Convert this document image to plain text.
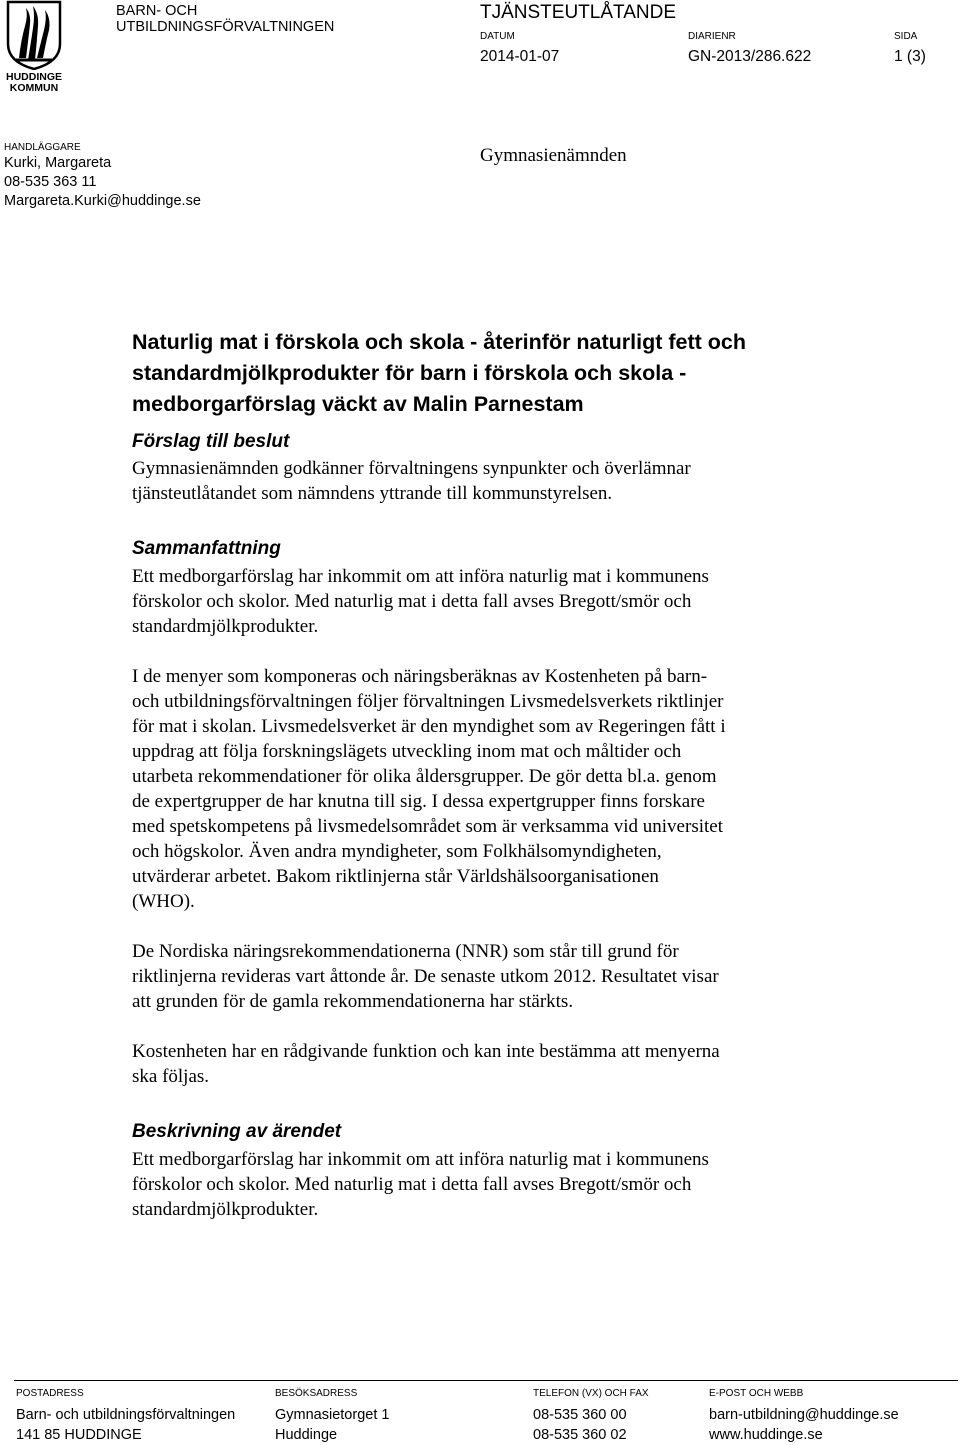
HUDDINGE KOMMUN
BARN- OCH
UTBILDNINGSFÖRVALTNINGEN
TJÄNSTEUTLÅTANDE
DATUM
2014-01-07
DIARIENR
GN-2013/286.622
SIDA
1 (3)
HANDLÄGGARE
Kurki, Margareta
08-535 363 11
Margareta.Kurki@huddinge.se
Gymnasienämnden
Naturlig mat i förskola och skola - återinför naturligt fett och standardmjölkprodukter för barn i förskola och skola - medborgarförslag väckt av Malin Parnestam
Förslag till beslut

Gymnasienämnden godkänner förvaltningens synpunkter och överlämnar
tjänsteutlåtandet som nämndens yttrande till kommunstyrelsen.

Sammanfattning

Ett medborgarförslag har inkommit om att införa naturlig mat i kommunens
förskolor och skolor. Med naturlig mat i detta fall avses Bregott/smör och
standardmjölkprodukter.

I de menyer som komponeras och näringsberäknas av Kostenheten på barn-
och utbildningsförvaltningen följer förvaltningen Livsmedelsverkets riktlinjer
för mat i skolan. Livsmedelsverket är den myndighet som av Regeringen fått i
uppdrag att följa forskningslägets utveckling inom mat och måltider och
utarbeta rekommendationer för olika åldersgrupper. De gör detta bl.a. genom
de expertgrupper de har knutna till sig. I dessa expertgrupper finns forskare
med spetskompetens på livsmedelsområdet som är verksamma vid universitet
och högskolor. Även andra myndigheter, som Folkhälsomyndigheten,
utvärderar arbetet. Bakom riktlinjerna står Världshälsoorganisationen
(WHO).

De Nordiska näringsrekommendationerna (NNR) som står till grund för
riktlinjerna revideras vart åttonde år. De senaste utkom 2012. Resultatet visar
att grunden för de gamla rekommendationerna har stärkts.

Kostenheten har en rådgivande funktion och kan inte bestämma att menyerna
ska följas.

Beskrivning av ärendet

Ett medborgarförslag har inkommit om att införa naturlig mat i kommunens
förskolor och skolor. Med naturlig mat i detta fall avses Bregott/smör och
standardmjölkprodukter.

POSTADRESS
Barn- och utbildningsförvaltningen
141 85 HUDDINGE
BESÖKSADRESS
Gymnasietorget 1
Huddinge
TELEFON (VX) OCH FAX
08-535 360 00
08-535 360 02
E-POST OCH WEBB
barn-utbildning@huddinge.se
www.huddinge.se
